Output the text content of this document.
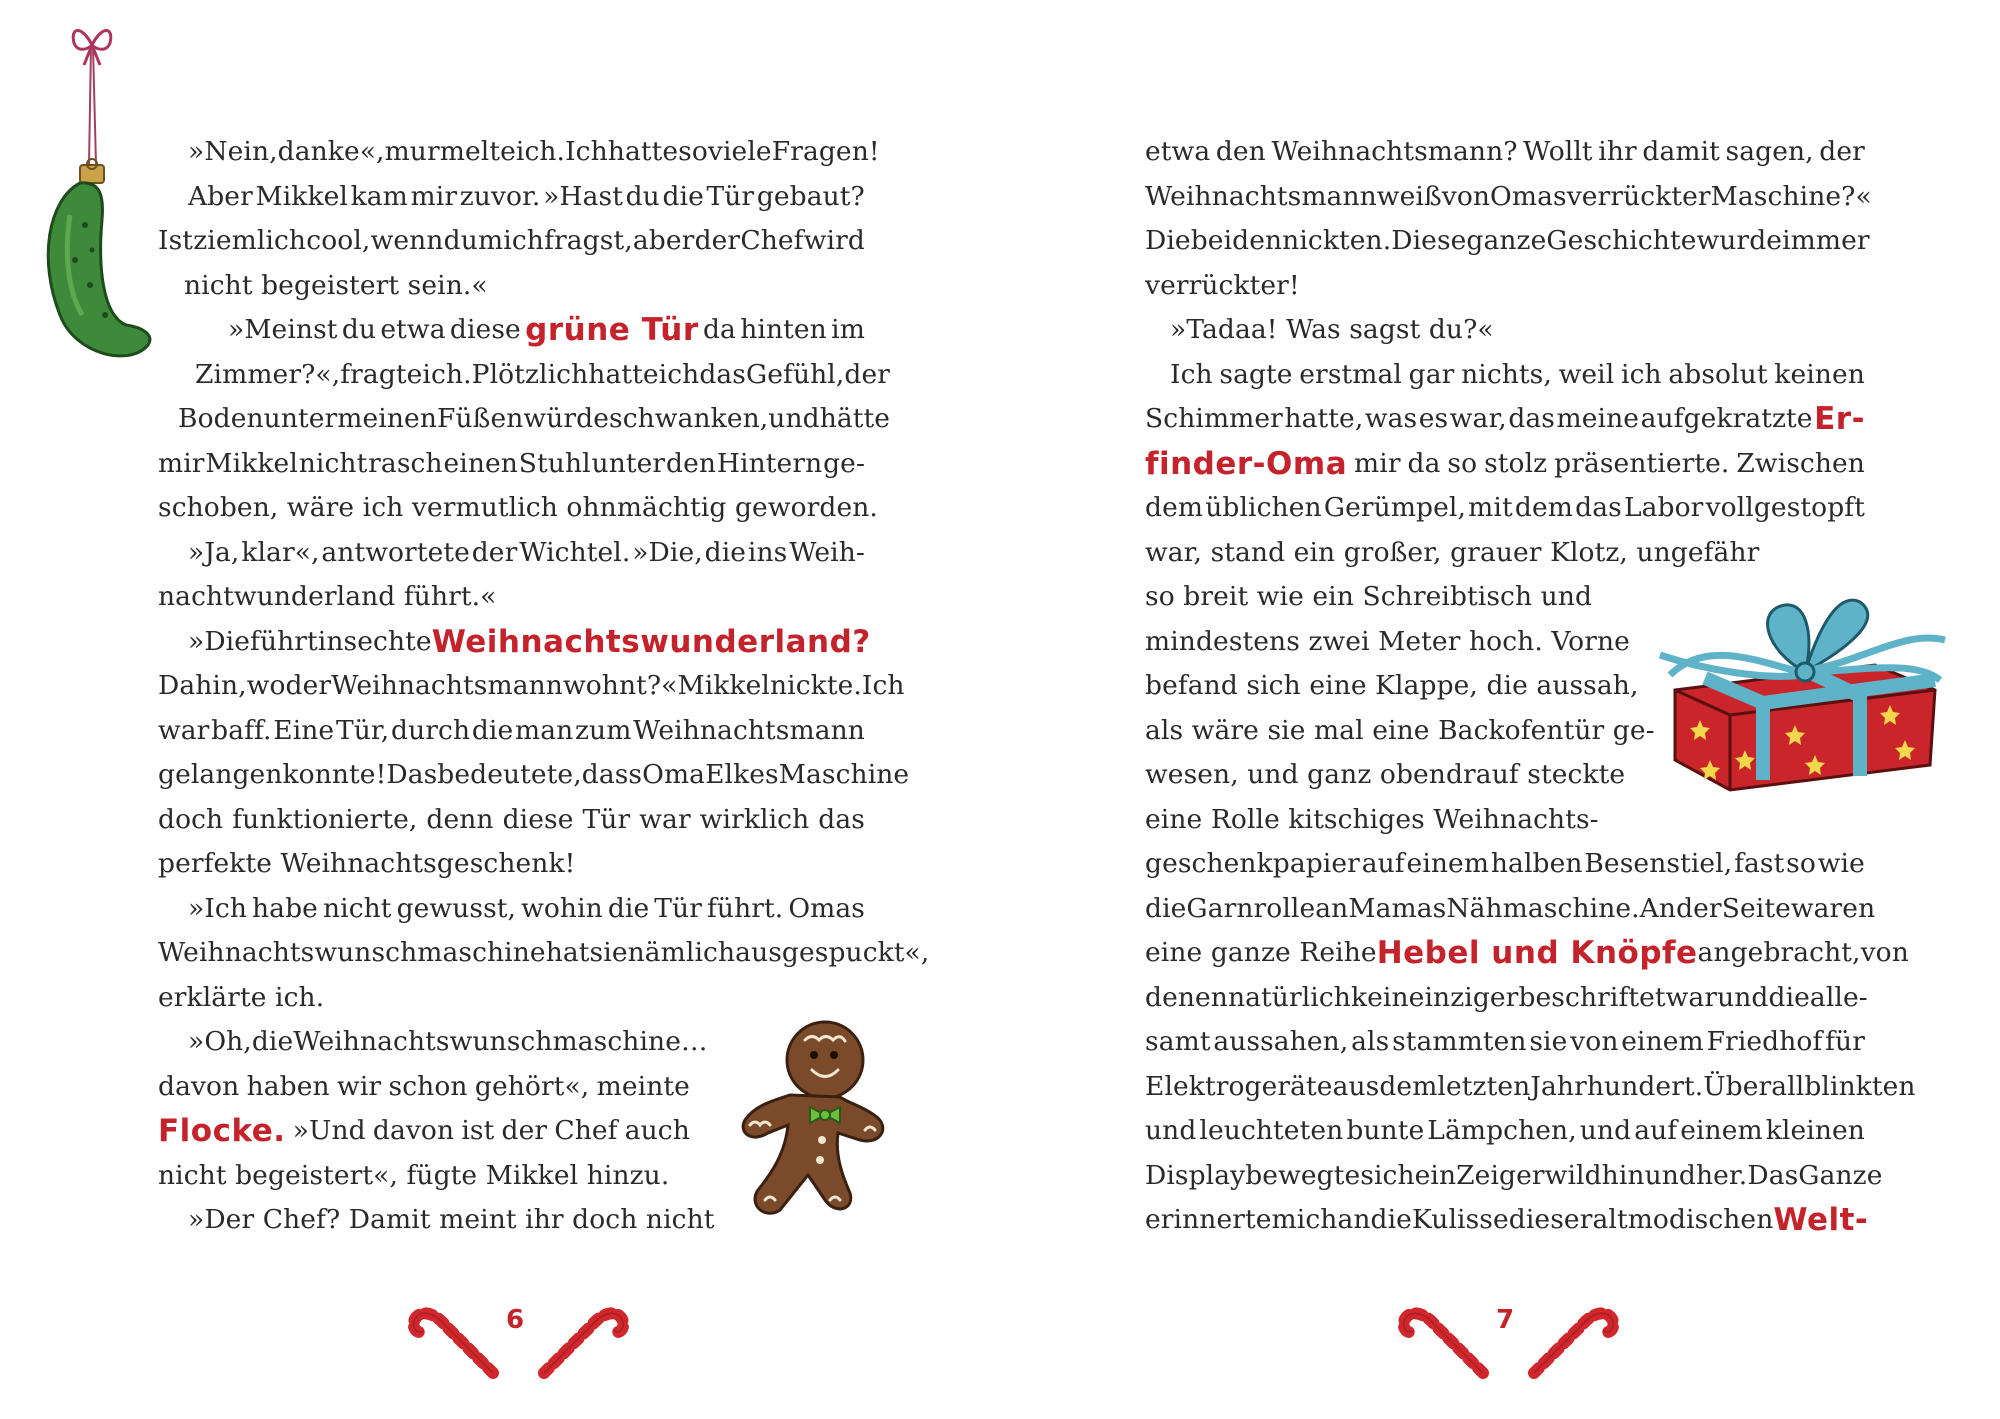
»Nein, danke«, murmelte ich. Ich hatte so viele Fragen!
Aber Mikkel kam mir zuvor. »Hast du die Tür gebaut?
Ist ziemlich cool, wenn du mich fragst, aber der Chef wird
nicht begeistert sein.«
»Meinst du etwa diese grüne Tür da hinten im
Zimmer?«, fragte ich. Plötzlich hatte ich das Gefühl, der
Boden unter meinen Füßen würde schwanken, und hätte
mir Mikkel nicht rasch einen Stuhl unter den Hintern ge-
schoben, wäre ich vermutlich ohnmächtig geworden.
»Ja, klar«, antwortete der Wichtel. »Die, die ins Weih-
nachtwunderland führt.«
»Die führt ins echte Weihnachtswunderland?
Dahin, wo der Weihnachtsmann wohnt?« Mikkel nickte. Ich
war baff. Eine Tür, durch die man zum Weihnachtsmann
gelangen konnte! Das bedeutete, dass Oma Elkes Maschine
doch funktionierte, denn diese Tür war wirklich das
perfekte Weihnachtsgeschenk!
»Ich habe nicht gewusst, wohin die Tür führt. Omas
Weihnachtswunschmaschine hat sie nämlich ausgespuckt«,
erklärte ich.
»Oh, die Weihnachtswunschmaschine …
davon haben wir schon gehört«, meinte
Flocke. »Und davon ist der Chef auch
nicht begeistert«, fügte Mikkel hinzu.
»Der Chef? Damit meint ihr doch nicht
6
etwa den Weihnachtsmann? Wollt ihr damit sagen, der
Weihnachtsmann weiß von Omas verrückter Maschine?«
Die beiden nickten. Diese ganze Geschichte wurde immer
verrückter!
»Tadaa! Was sagst du?«
Ich sagte erstmal gar nichts, weil ich absolut keinen
Schimmer hatte, was es war, das meine aufgekratzte Er-
finder-Oma mir da so stolz präsentierte. Zwischen
dem üblichen Gerümpel, mit dem das Labor vollgestopft
war, stand ein großer, grauer Klotz, ungefähr
so breit wie ein Schreibtisch und
mindestens zwei Meter hoch. Vorne
befand sich eine Klappe, die aussah,
als wäre sie mal eine Backofentür ge-
wesen, und ganz obendrauf steckte
eine Rolle kitschiges Weihnachts-
geschenkpapier auf einem halben Besenstiel, fast so wie
die Garnrolle an Mamas Nähmaschine. An der Seite waren
eine ganze Reihe Hebel und Knöpfe angebracht, von
denen natürlich kein einziger beschriftet war und die alle-
samt aussahen, als stammten sie von einem Friedhof für
Elektrogeräte aus dem letzten Jahrhundert. Überall blinkten
und leuchteten bunte Lämpchen, und auf einem kleinen
Display bewegte sich ein Zeiger wild hin und her. Das Ganze
erinnerte mich an die Kulisse dieser altmodischen Welt-
7
